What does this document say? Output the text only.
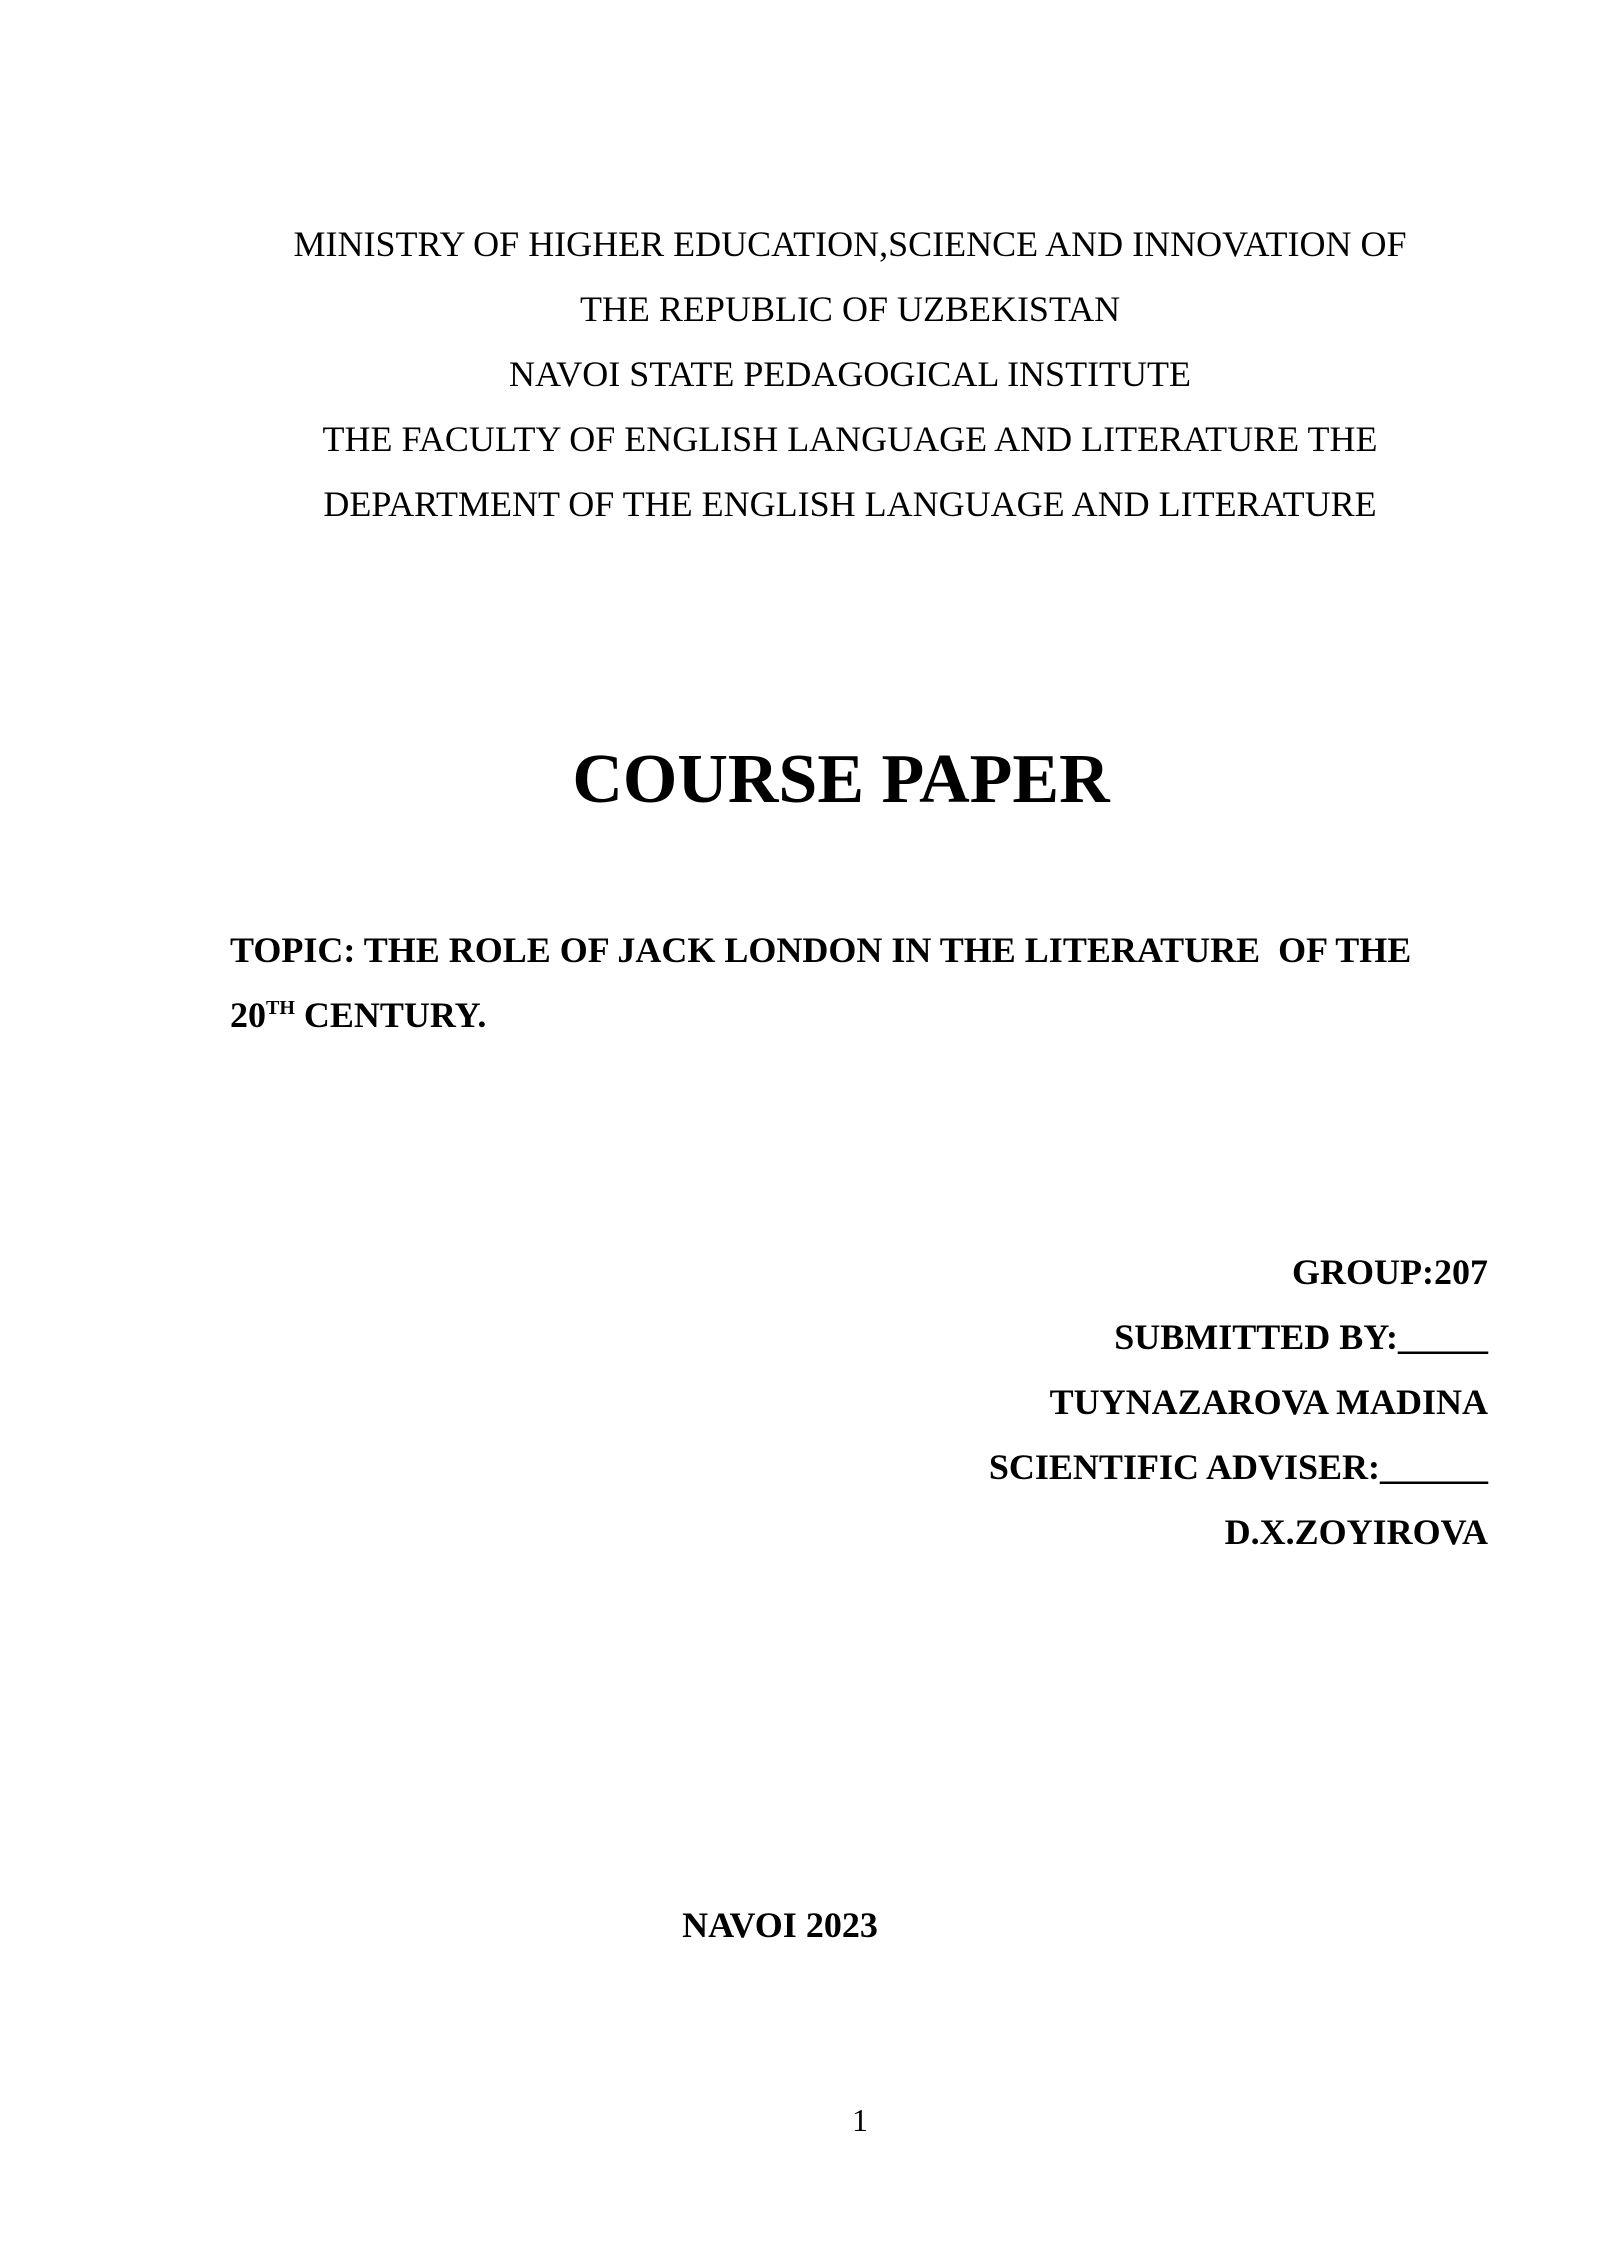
MINISTRY OF HIGHER EDUCATION,SCIENCE AND INNOVATION OF
THE REPUBLIC OF UZBEKISTAN
NAVOI STATE PEDAGOGICAL INSTITUTE
THE FACULTY OF ENGLISH LANGUAGE AND LITERATURE THE
DEPARTMENT OF THE ENGLISH LANGUAGE AND LITERATURE
COURSE PAPER
TOPIC: THE ROLE OF JACK LONDON IN THE LITERATURE  OF THE
20TH CENTURY.
GROUP:207
SUBMITTED BY:_____
TUYNAZAROVA MADINA
SCIENTIFIC ADVISER:______
D.X.ZOYIROVA
NAVOI 2023
1
